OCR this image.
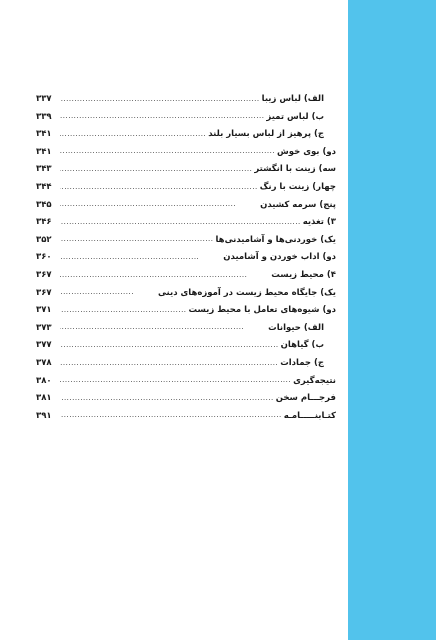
الف) لباس زیبا
.....
۳۳۷
ب) لباس تمیز
.....
۳۳۹
ج) پرهیز از لباس بسیار بلند
.....
۳۴۱
دو) بوی خوش
.....
۳۴۱
سه) زینت با انگشتر
.....
۳۴۳
چهار) زینت با رنگ
.....
۳۴۴
پنج) سرمه کشیدن
.....
۳۴۵
۳) تغذیه
.....
۳۴۶
یک) خوردنی‌ها و آشامیدنی‌ها
.....
۳۵۲
دو) اداب خوردن و آشامیدن
.....
۳۶۰
۴) محیط زیست
.....
۳۶۷
یک) جایگاه محیط زیست در آموزه‌های دینی
.....
۳۶۷
دو) شیوه‌های تعامل با محیط زیست
.....
۳۷۱
الف) حیوانات
.....
۳۷۳
ب) گیاهان
.....
۳۷۷
ج) جمادات
.....
۳۷۸
نتیجه‌گیری
.....
۳۸۰
فرجـــام سخن
.....
۳۸۱
کتـابنـــــامـه
.....
۳۹۱
